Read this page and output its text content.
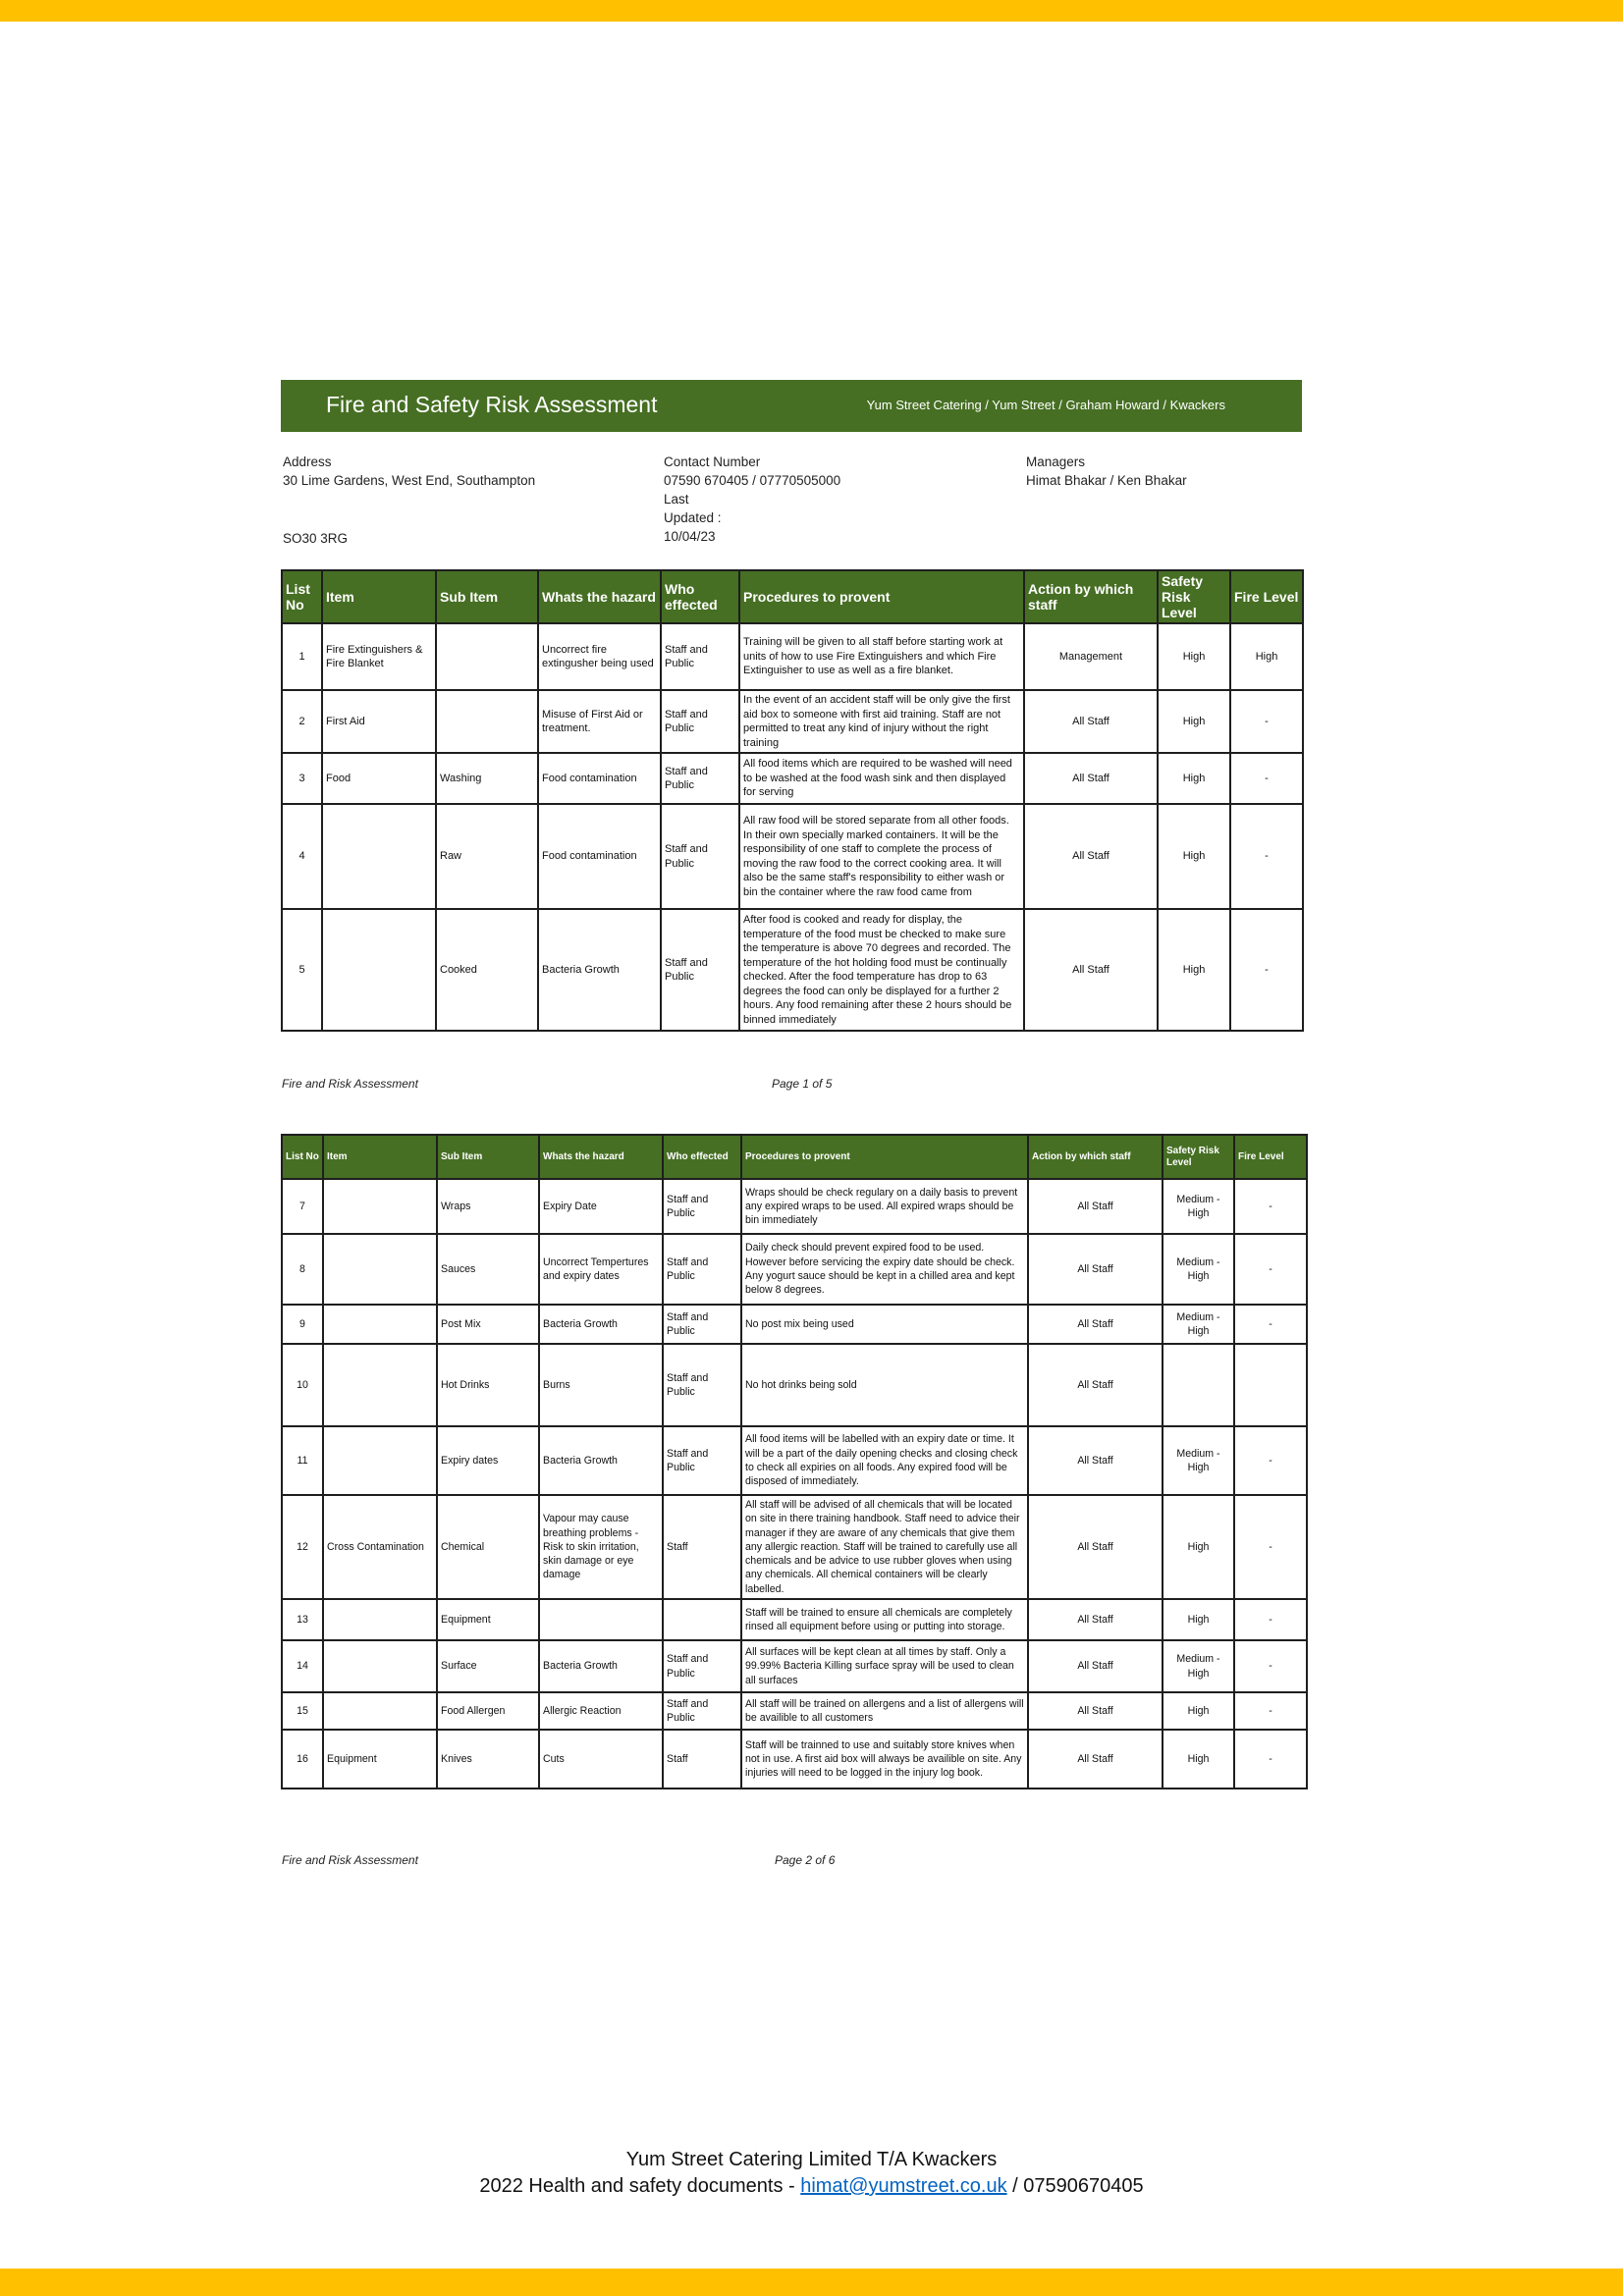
Fire and Safety Risk Assessment	Yum Street Catering / Yum Street / Graham Howard / Kwackers
Address
30 Lime Gardens, West End, Southampton
SO30 3RG
Contact Number
07590 670405 / 07770505000
Last
Updated :
10/04/23
Managers
Himat Bhakar / Ken Bhakar
List No	Item	Sub Item	Whats the hazard	Who effected	Procedures to provent	Action by which staff	Safety Risk Level	Fire Level
1	Fire Extinguishers & Fire Blanket		Uncorrect fire extingusher being used	Staff and Public	Training will be given to all staff before starting work at units of how to use Fire Extinguishers and which Fire Extinguisher to use as well as a fire blanket.	Management	High	High
2	First Aid		Misuse of First Aid or treatment.	Staff and Public	In the event of an accident staff will be only give the first aid box to someone with first aid training. Staff are not permitted to treat any kind of injury without the right training	All Staff	High	-
3	Food	Washing	Food contamination	Staff and Public	All food items which are required to be washed will need to be washed at the food wash sink and then displayed for serving	All Staff	High	-
4		Raw	Food contamination	Staff and Public	All raw food will be stored separate from all other foods. In their own specially marked containers. It will be the responsibility of one staff to complete the process of moving the raw food to the correct cooking area. It will also be the same staff's responsibility to either wash or bin the container where the raw food came from	All Staff	High	-
5		Cooked	Bacteria Growth	Staff and Public	After food is cooked and ready for display, the temperature of the food must be checked to make sure the temperature is above 70 degrees and recorded. The temperature of the hot holding food must be continually checked. After the food temperature has drop to 63 degrees the food can only be displayed for a further 2 hours. Any food remaining after these 2 hours should be binned immediately	All Staff	High	-
Fire and Risk Assessment	Page 1 of 5
List No	Item	Sub Item	Whats the hazard	Who effected	Procedures to provent	Action by which staff	Safety Risk Level	Fire Level
7		Wraps	Expiry Date	Staff and Public	Wraps should be check regulary on a daily basis to prevent any expired wraps to be used. All expired wraps should be bin immediately	All Staff	Medium - High	-
8		Sauces	Uncorrect Tempertures and expiry dates	Staff and Public	Daily check should prevent expired food to be used. However before servicing the expiry date should be check. Any yogurt sauce should be kept in a chilled area and kept below 8 degrees.	All Staff	Medium - High	-
9		Post Mix	Bacteria Growth	Staff and Public	No post mix being used	All Staff	Medium - High	-
10		Hot Drinks	Burns	Staff and Public	No hot drinks being sold	All Staff		
11		Expiry dates	Bacteria Growth	Staff and Public	All food items will be labelled with an expiry date or time. It will be a part of the daily opening checks and closing check to check all expiries on all foods. Any expired food will be disposed of immediately.	All Staff	Medium - High	-
12	Cross Contamination	Chemical	Vapour may cause breathing problems - Risk to skin irritation, skin damage or eye damage	Staff	All staff will be advised of all chemicals that will be located on site in there training handbook. Staff need to advice their manager if they are aware of any chemicals that give them any allergic reaction. Staff will be trained to carefully use all chemicals and be advice to use rubber gloves when using any chemicals. All chemical containers will be clearly labelled.	All Staff	High	-
13		Equipment			Staff will be trained to ensure all chemicals are completely rinsed all equipment before using or putting into storage.	All Staff	High	-
14		Surface	Bacteria Growth	Staff and Public	All surfaces will be kept clean at all times by staff. Only a 99.99% Bacteria Killing surface spray will be used to clean all surfaces	All Staff	Medium - High	-
15		Food Allergen	Allergic Reaction	Staff and Public	All staff will be trained on allergens and a list of allergens will be availible to all customers	All Staff	High	-
16	Equipment	Knives	Cuts	Staff	Staff will be trainned to use and suitably store knives when not in use. A first aid box will always be availible on site. Any injuries will need to be logged in the injury log book.	All Staff	High	-
Fire and Risk Assessment	Page 2 of 6
Yum Street Catering Limited T/A Kwackers
2022 Health and safety documents - himat@yumstreet.co.uk / 07590670405
